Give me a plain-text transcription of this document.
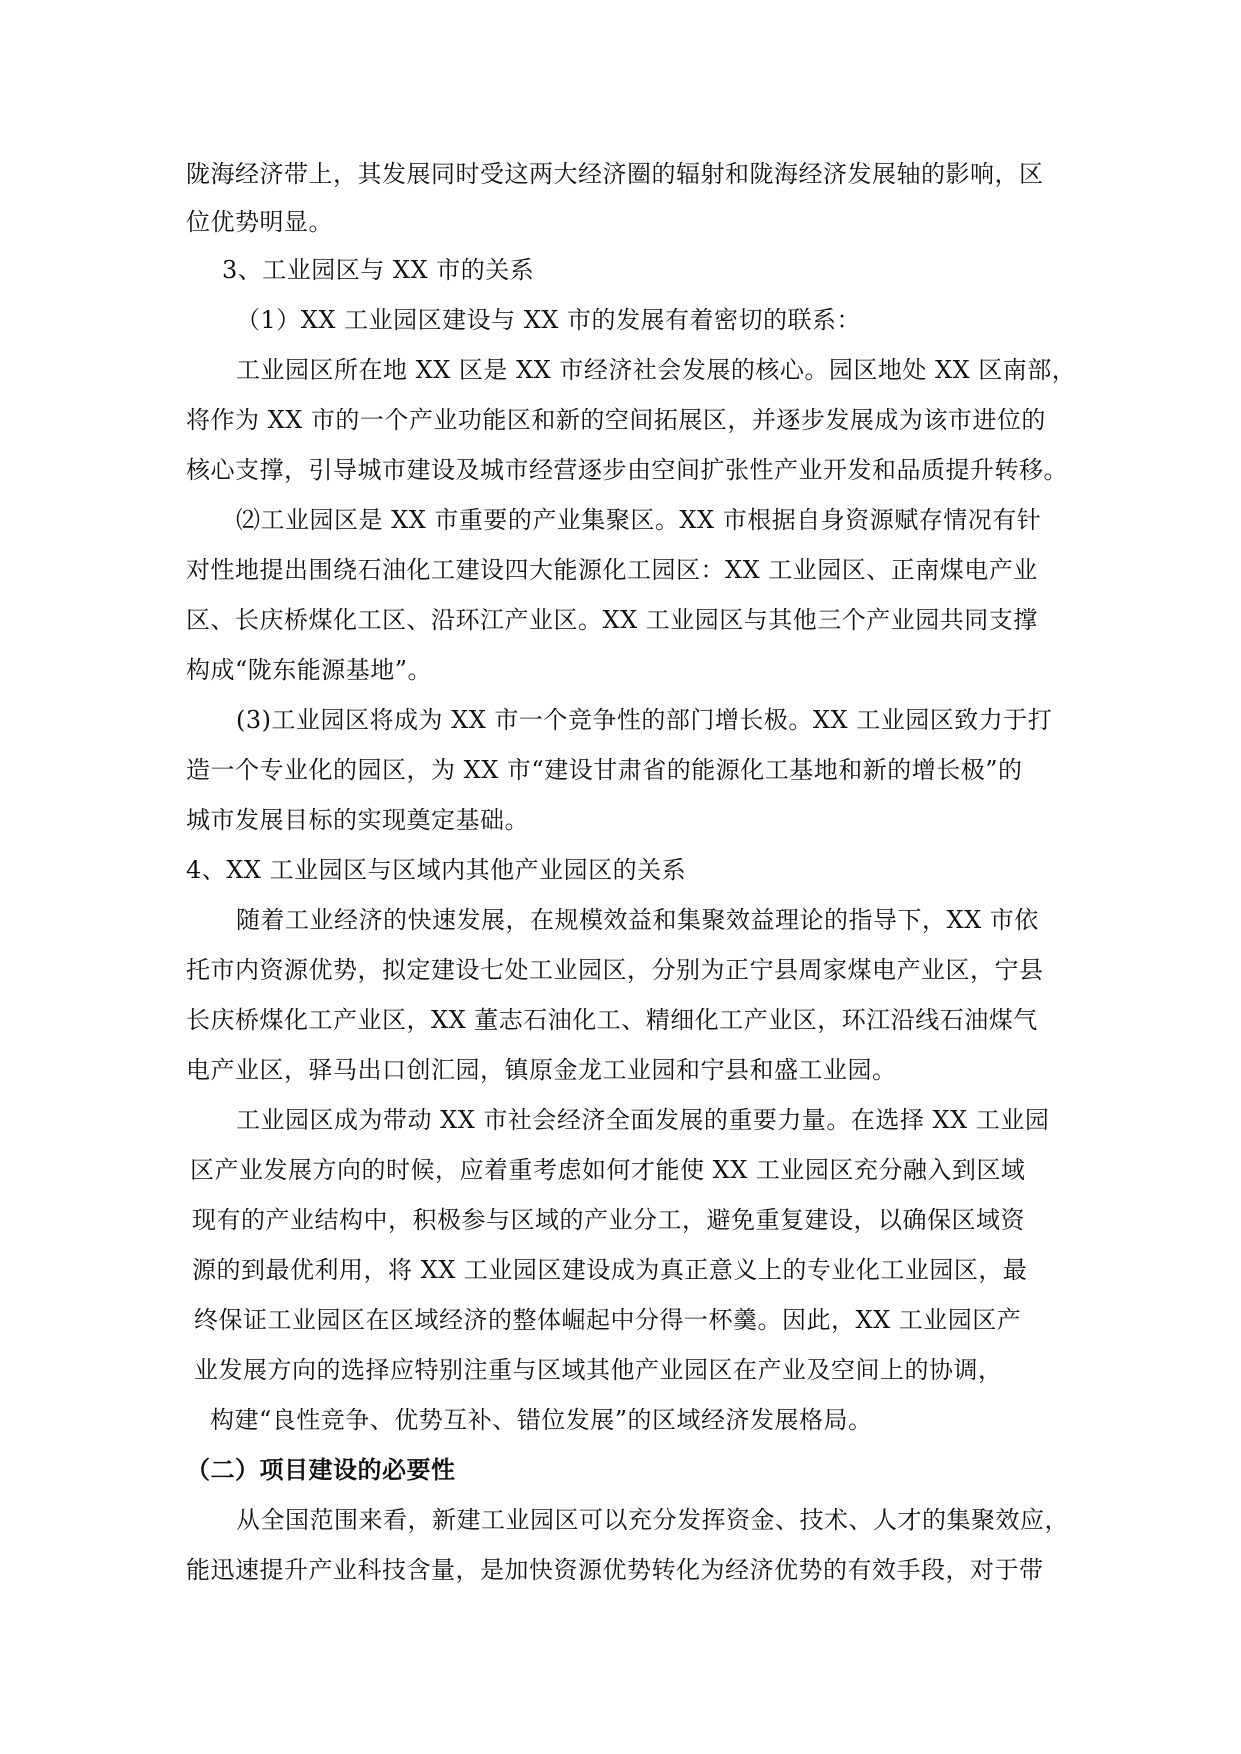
陇海经济带上，其发展同时受这两大经济圈的辐射和陇海经济发展轴的影响，区
位优势明显。
3、工业园区与 XX 市的关系
（1）XX 工业园区建设与 XX 市的发展有着密切的联系：
工业园区所在地 XX 区是 XX 市经济社会发展的核心。园区地处 XX 区南部，
将作为 XX 市的一个产业功能区和新的空间拓展区，并逐步发展成为该市进位的
核心支撑，引导城市建设及城市经营逐步由空间扩张性产业开发和品质提升转移。
⑵工业园区是 XX 市重要的产业集聚区。XX 市根据自身资源赋存情况有针
对性地提出围绕石油化工建设四大能源化工园区：XX 工业园区、正南煤电产业
区、长庆桥煤化工区、沿环江产业区。XX 工业园区与其他三个产业园共同支撑
构成“陇东能源基地”。
(3)工业园区将成为 XX 市一个竞争性的部门增长极。XX 工业园区致力于打
造一个专业化的园区，为 XX 市“建设甘肃省的能源化工基地和新的增长极”的
城市发展目标的实现奠定基础。
4、XX 工业园区与区域内其他产业园区的关系
随着工业经济的快速发展，在规模效益和集聚效益理论的指导下，XX 市依
托市内资源优势，拟定建设七处工业园区，分别为正宁县周家煤电产业区，宁县
长庆桥煤化工产业区，XX 董志石油化工、精细化工产业区，环江沿线石油煤气
电产业区，驿马出口创汇园，镇原金龙工业园和宁县和盛工业园。
工业园区成为带动 XX 市社会经济全面发展的重要力量。在选择 XX 工业园
区产业发展方向的时候，应着重考虑如何才能使 XX 工业园区充分融入到区域
现有的产业结构中，积极参与区域的产业分工，避免重复建设，以确保区域资
源的到最优利用，将 XX 工业园区建设成为真正意义上的专业化工业园区，最
终保证工业园区在区域经济的整体崛起中分得一杯羹。因此，XX 工业园区产
业发展方向的选择应特别注重与区域其他产业园区在产业及空间上的协调，
构建“良性竞争、优势互补、错位发展”的区域经济发展格局。
（二）项目建设的必要性
从全国范围来看，新建工业园区可以充分发挥资金、技术、人才的集聚效应，
能迅速提升产业科技含量，是加快资源优势转化为经济优势的有效手段，对于带
